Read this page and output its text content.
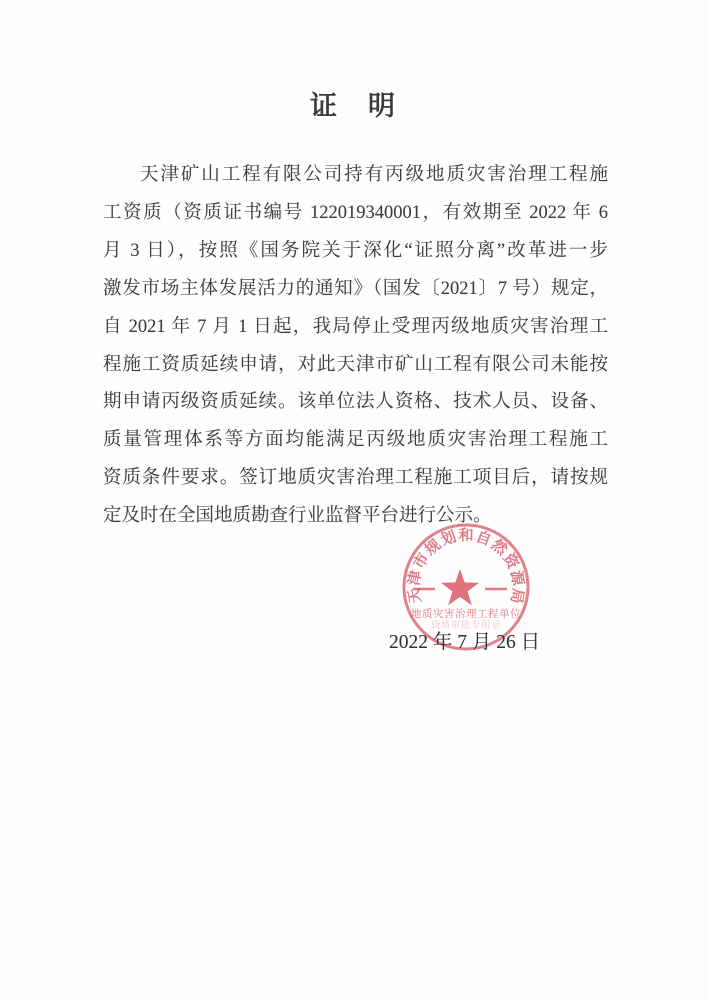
证　明
天津矿山工程有限公司持有丙级地质灾害治理工程施
工资质（资质证书编号 122019340001，有效期至 2022 年 6
月 3 日），按照《国务院关于深化“证照分离”改革进一步
激发市场主体发展活力的通知》（国发〔2021〕7 号）规定，
自 2021 年 7 月 1 日起，我局停止受理丙级地质灾害治理工
程施工资质延续申请，对此天津市矿山工程有限公司未能按
期申请丙级资质延续。该单位法人资格、技术人员、设备、
质量管理体系等方面均能满足丙级地质灾害治理工程施工
资质条件要求。签订地质灾害治理工程施工项目后，请按规
定及时在全国地质勘查行业监督平台进行公示。
天津市规划和自然资源局
地质灾害治理工程单位
资质审批专用章
2022 年 7 月 26 日
